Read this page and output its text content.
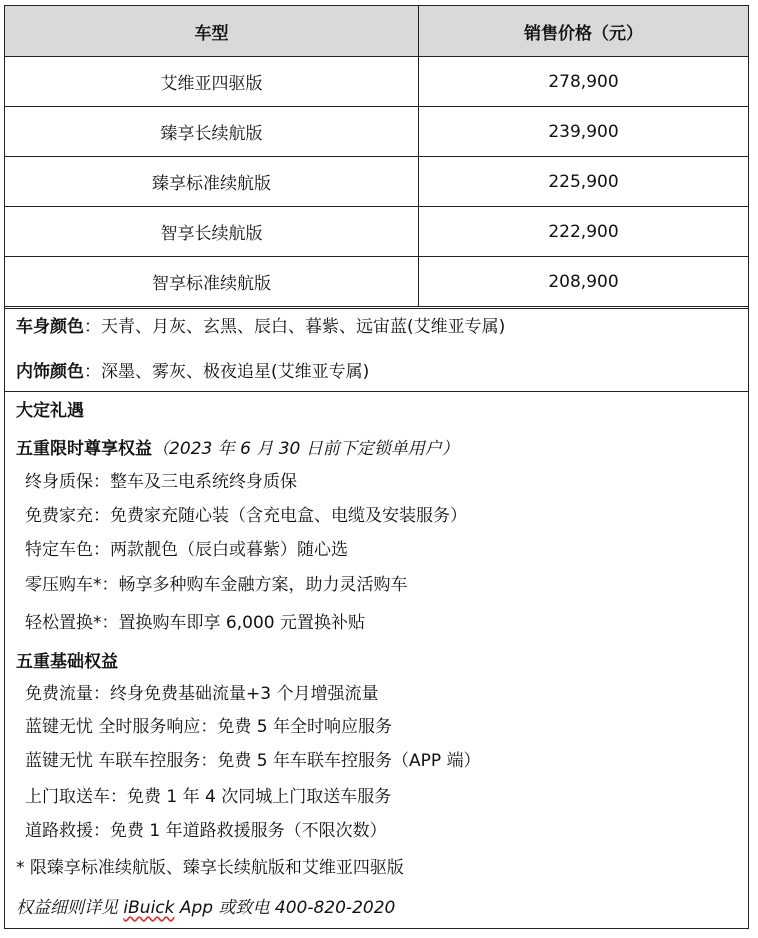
车型	销售价格（元）
艾维亚四驱版	278,900
臻享长续航版	239,900
臻享标准续航版	225,900
智享长续航版	222,900
智享标准续航版	208,900
车身颜色：天青、月灰、玄黑、辰白、暮紫、远宙蓝(艾维亚专属)
内饰颜色：深墨、雾灰、极夜追星(艾维亚专属)
大定礼遇
五重限时尊享权益（2023 年 6 月 30 日前下定锁单用户）
终身质保：整车及三电系统终身质保
免费家充：免费家充随心装（含充电盒、电缆及安装服务）
特定车色：两款靓色（辰白或暮紫）随心选
零压购车*：畅享多种购车金融方案，助力灵活购车
轻松置换*：置换购车即享 6,000 元置换补贴
五重基础权益
免费流量：终身免费基础流量+3 个月增强流量
蓝键无忧 全时服务响应：免费 5 年全时响应服务
蓝键无忧 车联车控服务：免费 5 年车联车控服务（APP 端）
上门取送车：免费 1 年 4 次同城上门取送车服务
道路救援：免费 1 年道路救援服务（不限次数）
* 限臻享标准续航版、臻享长续航版和艾维亚四驱版
权益细则详见 iBuick App 或致电 400-820-2020
